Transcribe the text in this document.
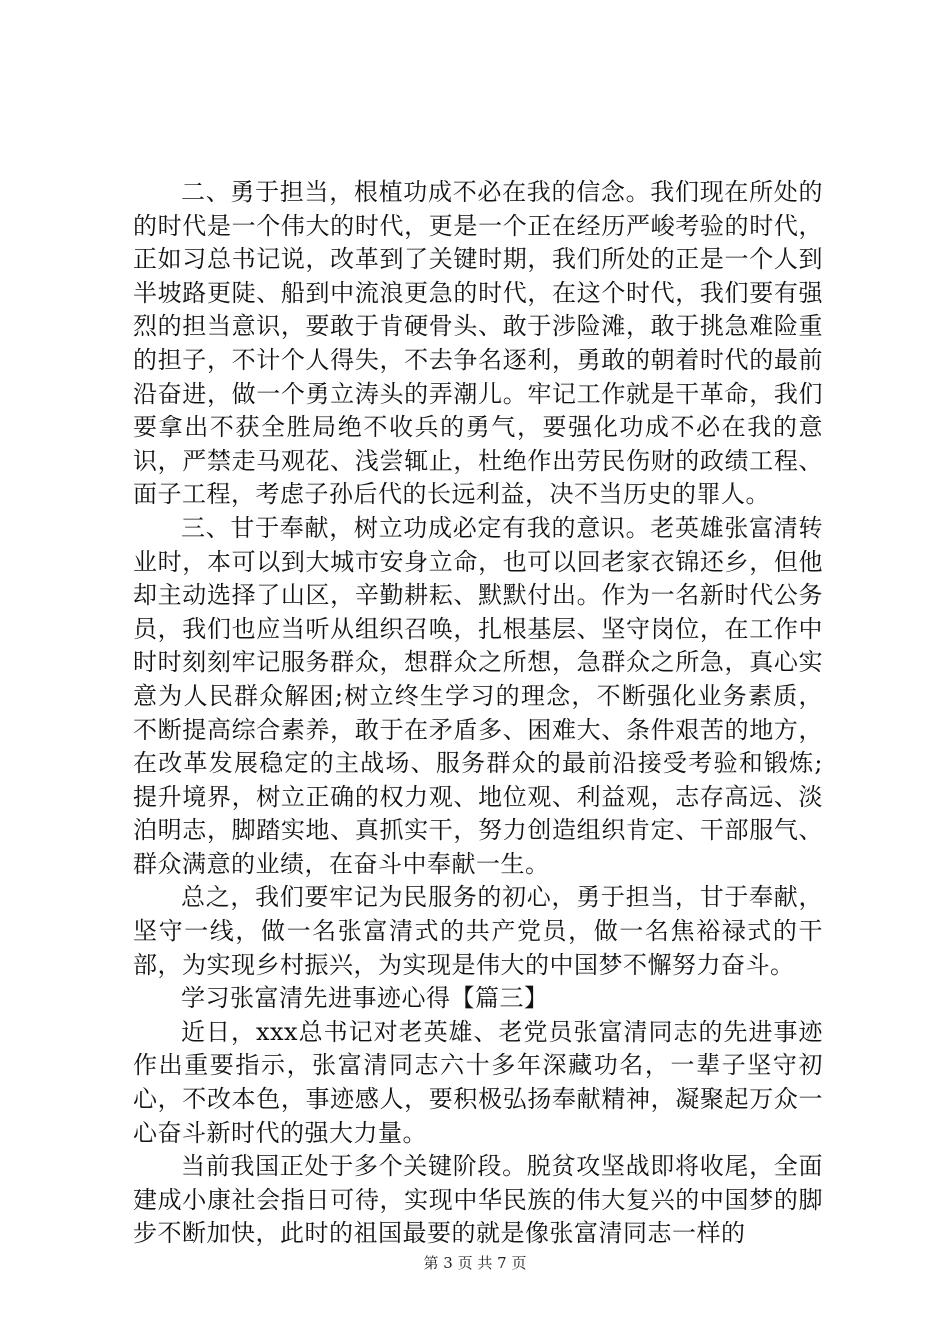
二、勇于担当，根植功成不必在我的信念。我们现在所处的的时代是一个伟大的时代，更是一个正在经历严峻考验的时代，正如习总书记说，改革到了关键时期，我们所处的正是一个人到半坡路更陡、船到中流浪更急的时代，在这个时代，我们要有强烈的担当意识，要敢于肯硬骨头、敢于涉险滩，敢于挑急难险重的担子，不计个人得失，不去争名逐利，勇敢的朝着时代的最前沿奋进，做一个勇立涛头的弄潮儿。牢记工作就是干革命，我们要拿出不获全胜局绝不收兵的勇气，要强化功成不必在我的意识，严禁走马观花、浅尝辄止，杜绝作出劳民伤财的政绩工程、面子工程，考虑子孙后代的长远利益，决不当历史的罪人。

三、甘于奉献，树立功成必定有我的意识。老英雄张富清转业时，本可以到大城市安身立命，也可以回老家衣锦还乡，但他却主动选择了山区，辛勤耕耘、默默付出。作为一名新时代公务员，我们也应当听从组织召唤，扎根基层、坚守岗位，在工作中时时刻刻牢记服务群众，想群众之所想，急群众之所急，真心实意为人民群众解困;树立终生学习的理念，不断强化业务素质，不断提高综合素养，敢于在矛盾多、困难大、条件艰苦的地方，在改革发展稳定的主战场、服务群众的最前沿接受考验和锻炼;提升境界，树立正确的权力观、地位观、利益观，志存高远、淡泊明志，脚踏实地、真抓实干，努力创造组织肯定、干部服气、群众满意的业绩，在奋斗中奉献一生。

总之，我们要牢记为民服务的初心，勇于担当，甘于奉献，坚守一线，做一名张富清式的共产党员，做一名焦裕禄式的干部，为实现乡村振兴，为实现是伟大的中国梦不懈努力奋斗。

学习张富清先进事迹心得【篇三】

近日，xxx总书记对老英雄、老党员张富清同志的先进事迹作出重要指示，张富清同志六十多年深藏功名，一辈子坚守初心，不改本色，事迹感人，要积极弘扬奉献精神，凝聚起万众一心奋斗新时代的强大力量。

当前我国正处于多个关键阶段。脱贫攻坚战即将收尾，全面建成小康社会指日可待，实现中华民族的伟大复兴的中国梦的脚步不断加快，此时的祖国最要的就是像张富清同志一样的

第 3 页 共 7 页
